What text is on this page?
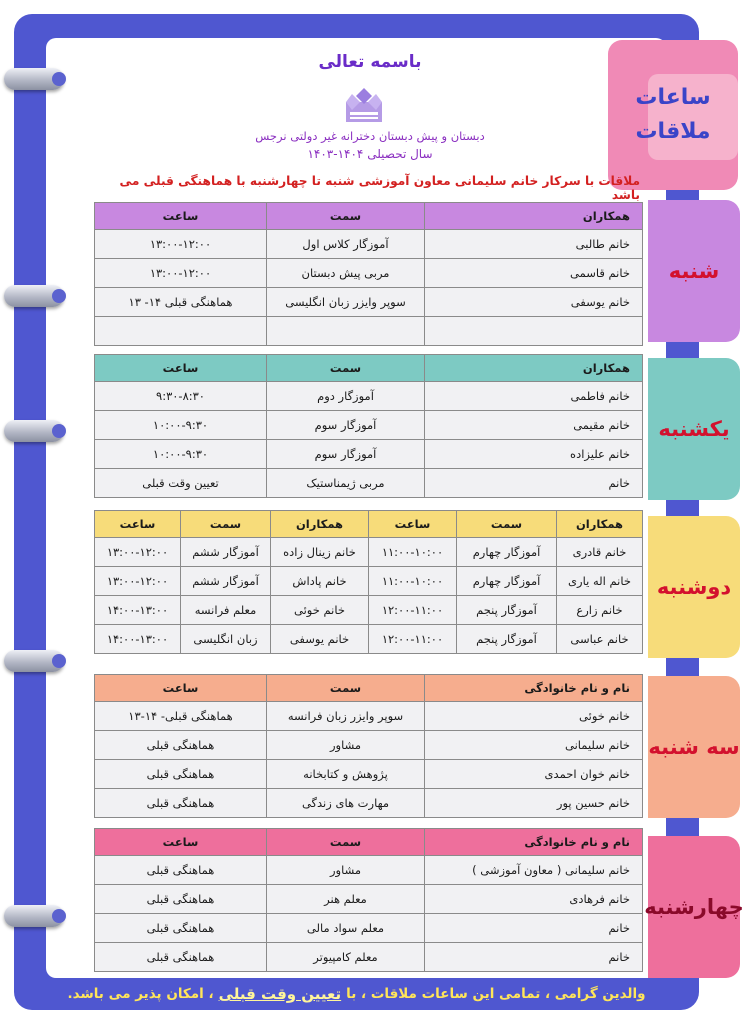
ساعات
ملاقات
شنبه
یکشنبه
دوشنبه
سه شنبه
چهارشنبه
باسمه تعالی
دبستان و پیش دبستان دخترانه غیر دولتی نرجس
سال تحصیلی ۱۴۰۴-۱۴۰۳
ملاقات با سرکار خانم سلیمانی معاون آموزشی شنبه تا چهارشنبه با هماهنگی قبلی می باشد
همکاران	سمت	ساعت
خانم طالبی	آموزگار کلاس اول	۱۳:۰۰-۱۲:۰۰
خانم قاسمی	مربی پیش دبستان	۱۳:۰۰-۱۲:۰۰
خانم یوسفی	سوپر وایزر زبان انگلیسی	هماهنگی قبلی ۱۴- ۱۳

همکاران	سمت	ساعت
خانم فاطمی	آموزگار دوم	۹:۳۰-۸:۳۰
خانم مقیمی	آموزگار سوم	۱۰:۰۰-۹:۳۰
خانم علیزاده	آموزگار سوم	۱۰:۰۰-۹:۳۰
خانم	مربی ژیمناستیک	تعیین وقت قبلی
همکاران	سمت	ساعت	همکاران	سمت	ساعت
خانم قادری	آموزگار چهارم	۱۱:۰۰-۱۰:۰۰	خانم زینال زاده	آموزگار ششم	۱۳:۰۰-۱۲:۰۰
خانم اله یاری	آموزگار چهارم	۱۱:۰۰-۱۰:۰۰	خانم پاداش	آموزگار ششم	۱۳:۰۰-۱۲:۰۰
خانم زارع	آموزگار پنجم	۱۲:۰۰-۱۱:۰۰	خانم خوئی	معلم فرانسه	۱۴:۰۰-۱۳:۰۰
خانم عباسی	آموزگار پنجم	۱۲:۰۰-۱۱:۰۰	خانم یوسفی	زبان انگلیسی	۱۴:۰۰-۱۳:۰۰
نام و نام خانوادگی	سمت	ساعت
خانم خوئی	سوپر وایزر زبان فرانسه	هماهنگی قبلی- ۱۴-۱۳
خانم سلیمانی	مشاور	هماهنگی قبلی
خانم خوان احمدی	پژوهش و کتابخانه	هماهنگی قبلی
خانم حسین پور	مهارت های زندگی	هماهنگی قبلی
نام و نام خانوادگی	سمت	ساعت
خانم سلیمانی ( معاون آموزشی )	مشاور	هماهنگی قبلی
خانم فرهادی	معلم هنر	هماهنگی قبلی
خانم	معلم سواد مالی	هماهنگی قبلی
خانم	معلم کامپیوتر	هماهنگی قبلی
والدین گرامی ، تمامی این ساعات ملاقات ، با
تعیین وقت قبلی
، امکان پذیر می باشد.
